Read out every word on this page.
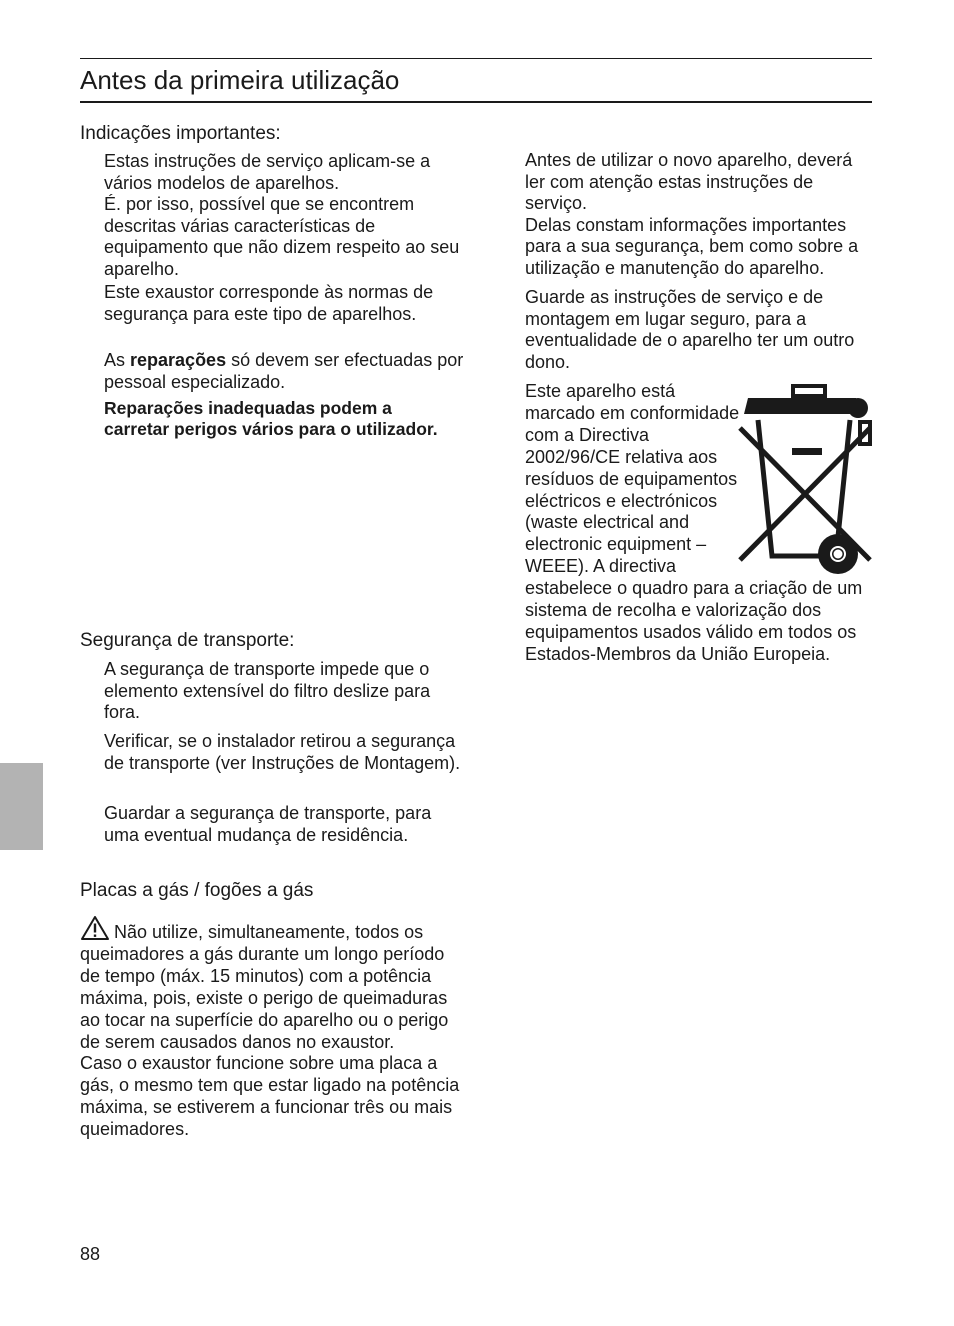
Antes da primeira utilização
Indicações importantes:

Estas instruções de serviço aplicam-se a vários modelos de aparelhos.
É. por isso, possível que se encontrem descritas várias características de equipamento que não dizem respeito ao seu aparelho.

Este exaustor corresponde às normas de segurança para este tipo de aparelhos.

As reparações só devem ser efectuadas por pessoal especializado.

Reparações inadequadas podem a carretar perigos vários para o utilizador.

Segurança de transporte:

A segurança de transporte impede que o elemento extensível do filtro deslize para fora.

Verificar, se o instalador retirou a segurança de transporte (ver Instruções de Montagem).

Guardar a segurança de transporte, para uma eventual mudança de residência.

Placas a gás / fogões a gás

Não utilize, simultaneamente, todos os queimadores a gás durante um longo período de tempo (máx. 15 minutos) com a potência máxima, pois, existe o perigo de queimaduras ao tocar na superfície do aparelho ou o perigo de serem causados danos no exaustor.
Caso o exaustor funcione sobre uma placa a gás, o mesmo tem que estar ligado na potência máxima, se estiverem a funcionar três ou mais queimadores.

Antes de utilizar o novo aparelho, deverá ler com atenção estas instruções de serviço.
Delas constam informações importantes para a sua segurança, bem como sobre a utilização e manutenção do aparelho.

Guarde as instruções de serviço e de montagem em lugar seguro, para a eventualidade de o aparelho ter um outro dono.

Este aparelho está marcado em conformidade com a Directiva 2002/96/CE relativa aos resíduos de equipamentos eléctricos e electrónicos (waste electrical and electronic equipment – WEEE). A directiva estabelece o quadro para a criação de um sistema de recolha e valorização dos equipamentos usados válido em todos os Estados-Membros da União Europeia.

88
